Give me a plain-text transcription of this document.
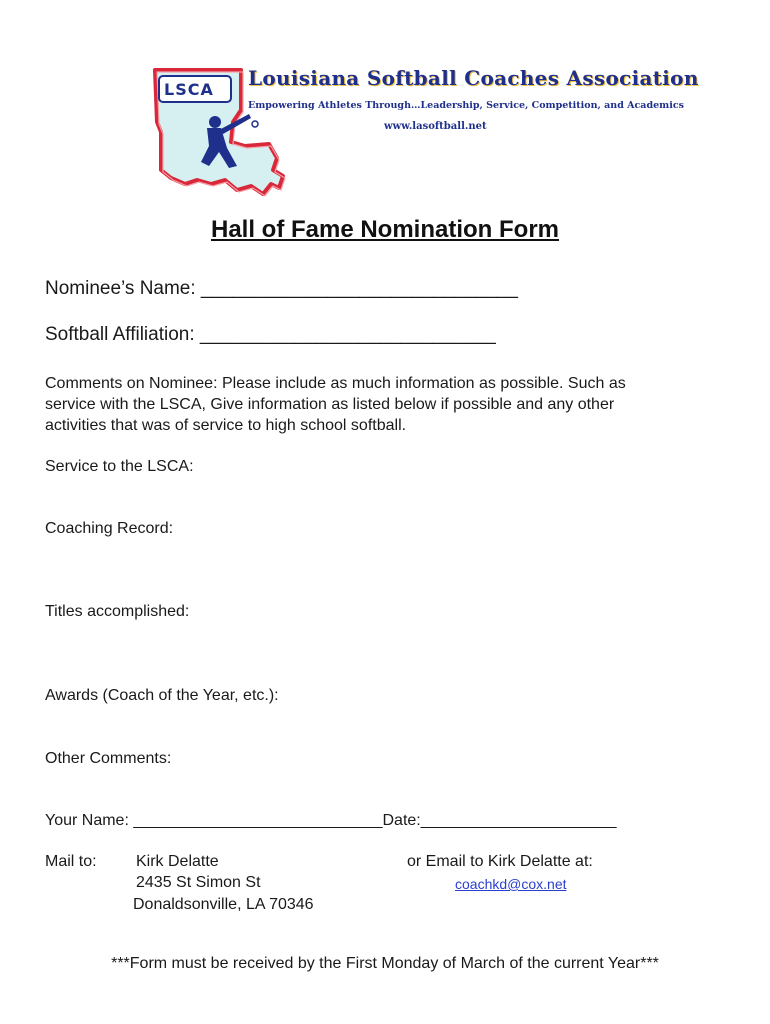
LSCA Louisiana Softball Coaches Association
Empowering Athletes Through…Leadership, Service, Competition, and Academics
www.lasoftball.net
Hall of Fame Nomination Form
Nominee’s Name: ______________________________
Softball Affiliation: ____________________________
Comments on Nominee: Please include as much information as possible. Such as
service with the LSCA, Give information as listed below if possible and any other
activities that was of service to high school softball.
Service to the LSCA:
Coaching Record:
Titles accomplished:
Awards (Coach of the Year, etc.):
Other Comments:
Your Name: ____________________________Date:______________________
Mail to: Kirk Delatte
2435 St Simon St
Donaldsonville, LA 70346
or Email to Kirk Delatte at:
coachkd@cox.net
***Form must be received by the First Monday of March of the current Year***
